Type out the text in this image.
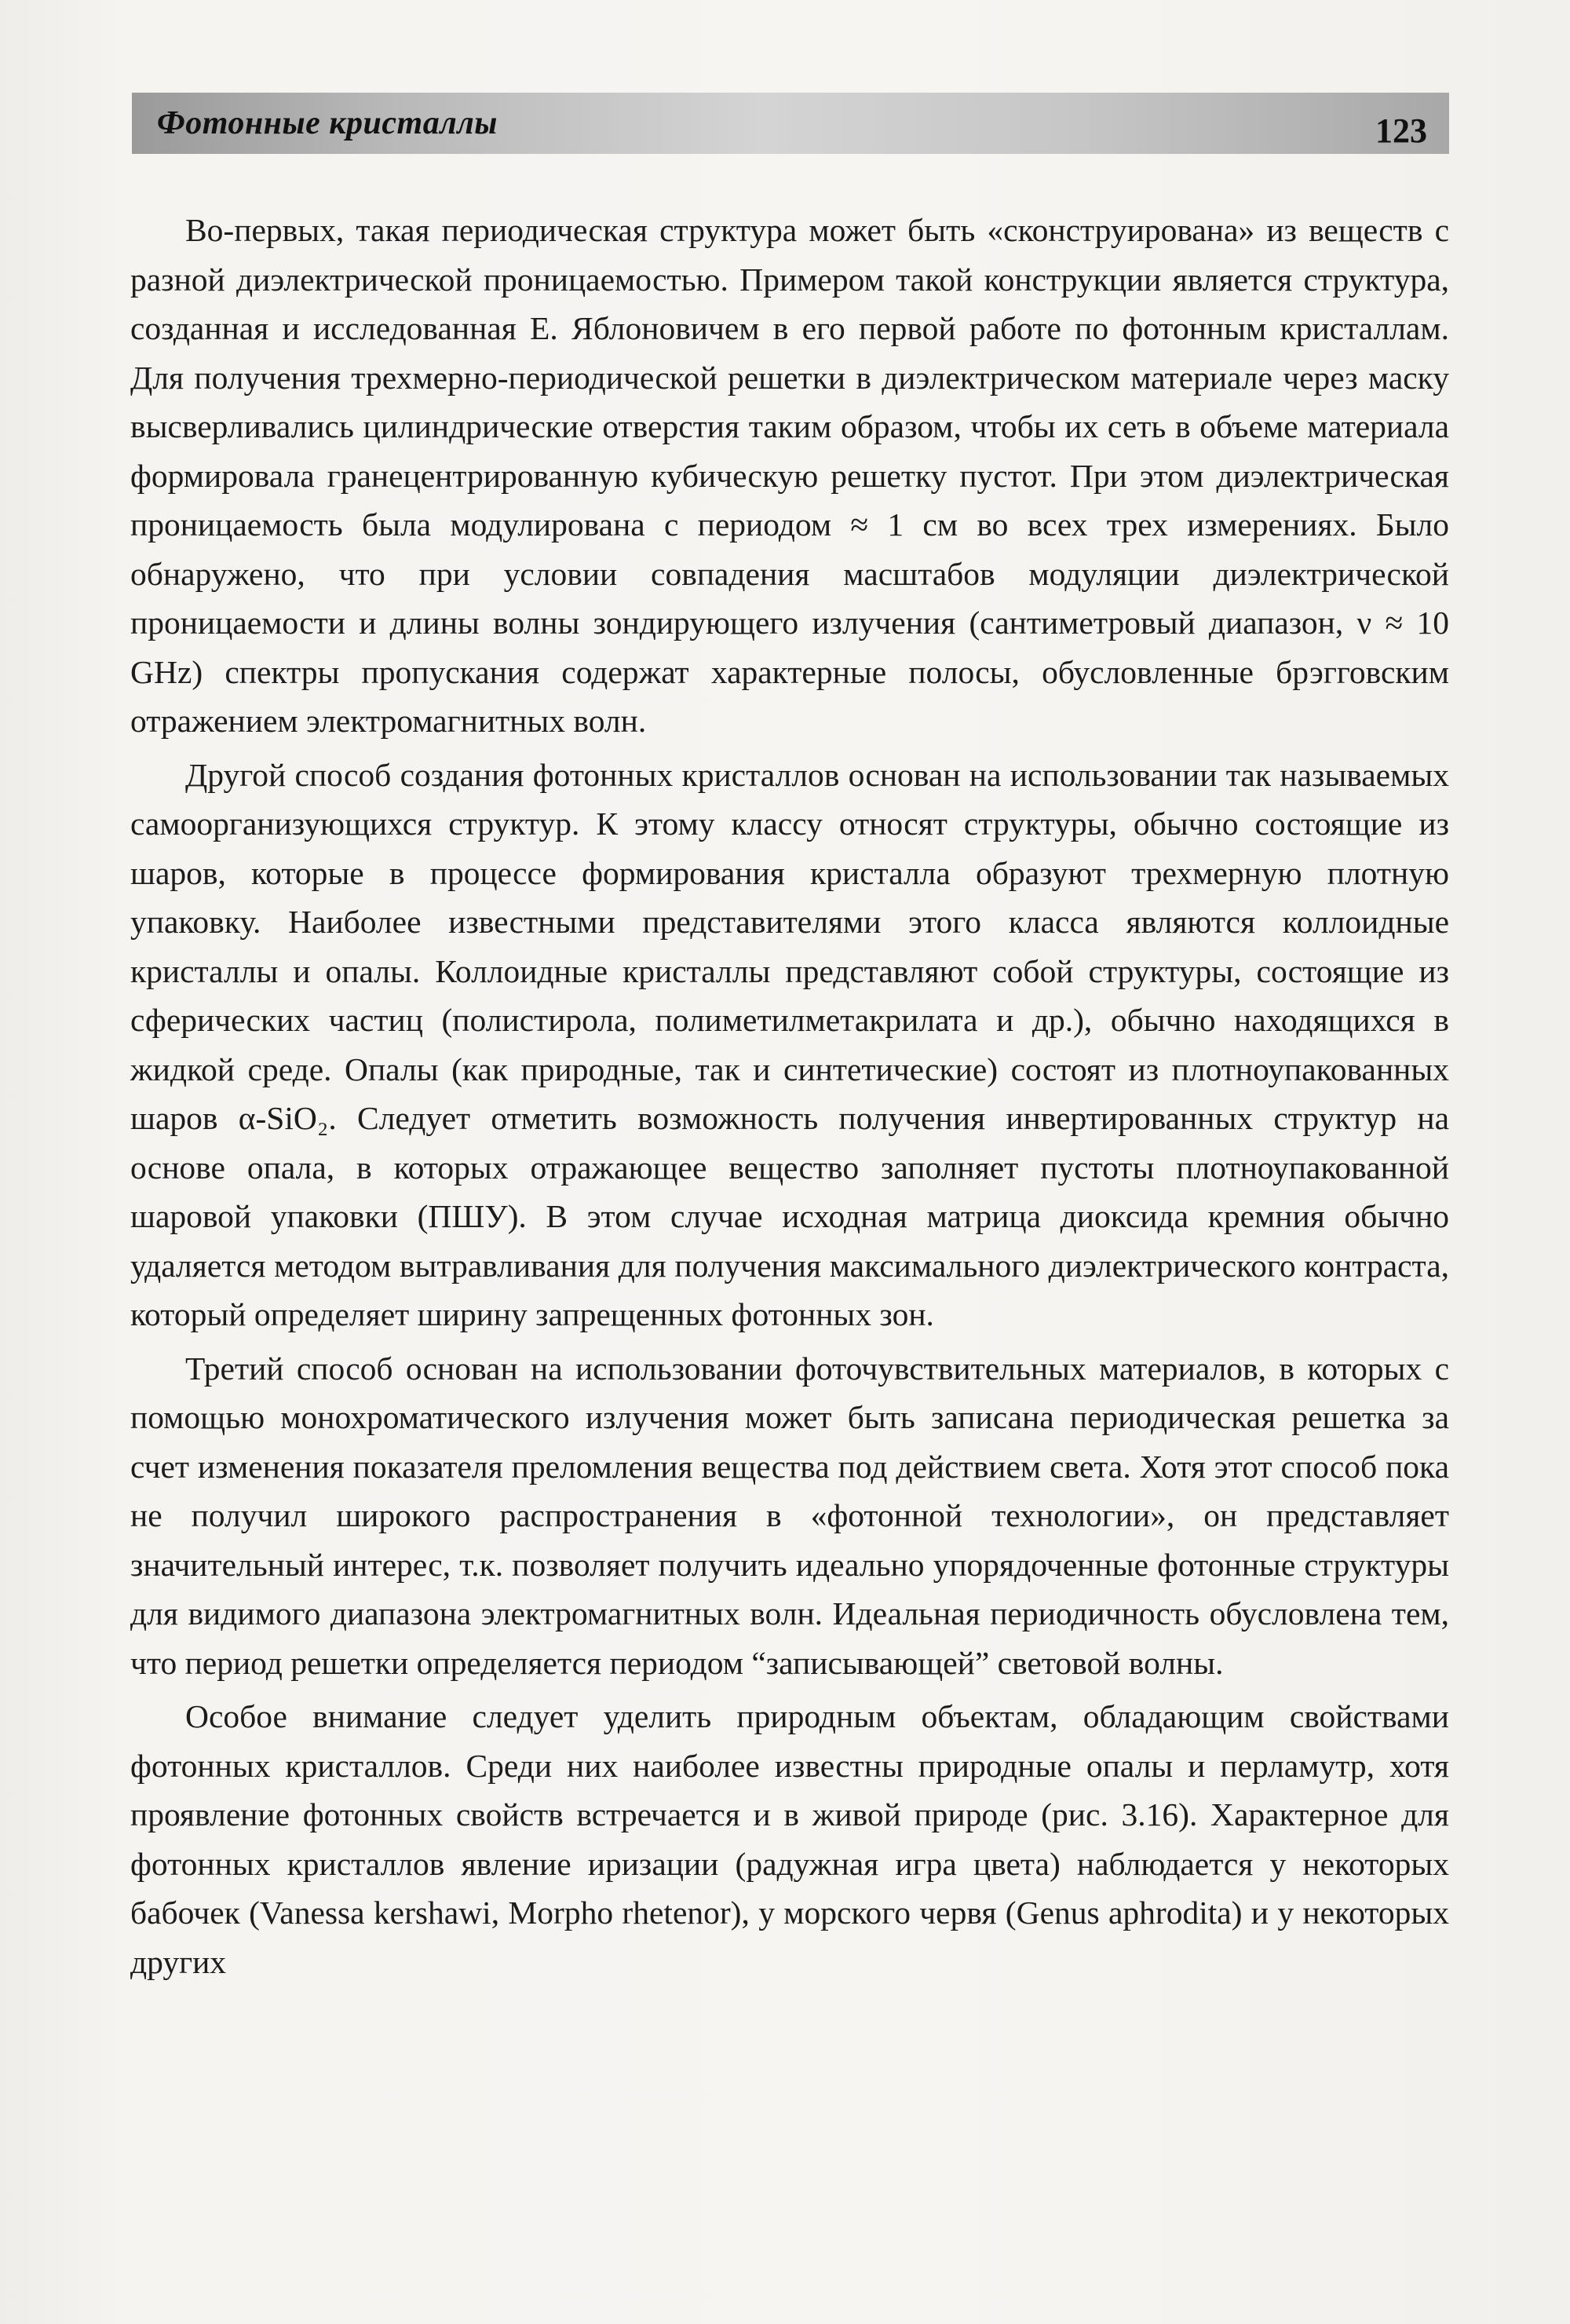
Фотонные кристаллы	123

Во-первых, такая периодическая структура может быть «сконструирована» из веществ с разной диэлектрической проницаемостью. Примером такой конструкции является структура, созданная и исследованная Е. Яблоновичем в его первой работе по фотонным кристаллам. Для получения трехмерно-периодической решетки в диэлектрическом материале через маску высверливались цилиндрические отверстия таким образом, чтобы их сеть в объеме материала формировала гранецентрированную кубическую решетку пустот. При этом диэлектрическая проницаемость была модулирована с периодом ≈ 1 см во всех трех измерениях. Было обнаружено, что при условии совпадения масштабов модуляции диэлектрической проницаемости и длины волны зондирующего излучения (сантиметровый диапазон, ν ≈ 10 GHz) спектры пропускания содержат характерные полосы, обусловленные брэгговским отражением электромагнитных волн.

Другой способ создания фотонных кристаллов основан на использовании так называемых самоорганизующихся структур. К этому классу относят структуры, обычно состоящие из шаров, которые в процессе формирования кристалла образуют трехмерную плотную упаковку. Наиболее известными представителями этого класса являются коллоидные кристаллы и опалы. Коллоидные кристаллы представляют собой структуры, состоящие из сферических частиц (полистирола, полиметилметакрилата и др.), обычно находящихся в жидкой среде. Опалы (как природные, так и синтетические) состоят из плотноупакованных шаров α-SiO₂. Следует отметить возможность получения инвертированных структур на основе опала, в которых отражающее вещество заполняет пустоты плотноупакованной шаровой упаковки (ПШУ). В этом случае исходная матрица диоксида кремния обычно удаляется методом вытравливания для получения максимального диэлектрического контраста, который определяет ширину запрещенных фотонных зон.

Третий способ основан на использовании фоточувствительных материалов, в которых с помощью монохроматического излучения может быть записана периодическая решетка за счет изменения показателя преломления вещества под действием света. Хотя этот способ пока не получил широкого распространения в «фотонной технологии», он представляет значительный интерес, т.к. позволяет получить идеально упорядоченные фотонные структуры для видимого диапазона электромагнитных волн. Идеальная периодичность обусловлена тем, что период решетки определяется периодом “записывающей” световой волны.

Особое внимание следует уделить природным объектам, обладающим свойствами фотонных кристаллов. Среди них наиболее известны природные опалы и перламутр, хотя проявление фотонных свойств встречается и в живой природе (рис. 3.16). Характерное для фотонных кристаллов явление иризации (радужная игра цвета) наблюдается у некоторых бабочек (Vanessa kershawi, Morpho rhetenor), у морского червя (Genus aphrodita) и у некоторых других
